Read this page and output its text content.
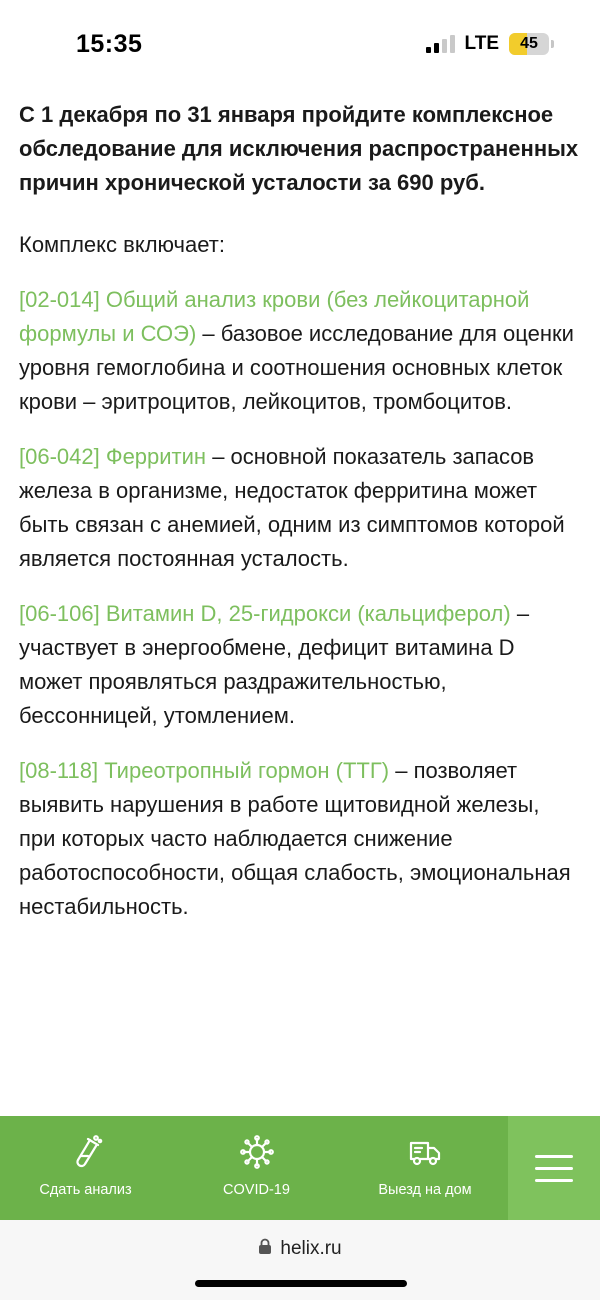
15:35	LTE 45
С 1 декабря по 31 января пройдите комплексное обследование для исключения распространенных причин хронической усталости за 690 руб.
Комплекс включает:
[02-014] Общий анализ крови (без лейкоцитарной формулы и СОЭ) – базовое исследование для оценки уровня гемоглобина и соотношения основных клеток крови – эритроцитов, лейкоцитов, тромбоцитов.
[06-042] Ферритин – основной показатель запасов железа в организме, недостаток ферритина может быть связан с анемией, одним из симптомов которой является постоянная усталость.
[06-106] Витамин D, 25-гидрокси (кальциферол) – участвует в энергообмене, дефицит витамина D может проявляться раздражительностью, бессонницей, утомлением.
[08-118] Тиреотропный гормон (ТТГ) – позволяет выявить нарушения в работе щитовидной железы, при которых часто наблюдается снижение работоспособности, общая слабость, эмоциональная нестабильность.
Сдать анализ	COVID-19	Выезд на дом
helix.ru
